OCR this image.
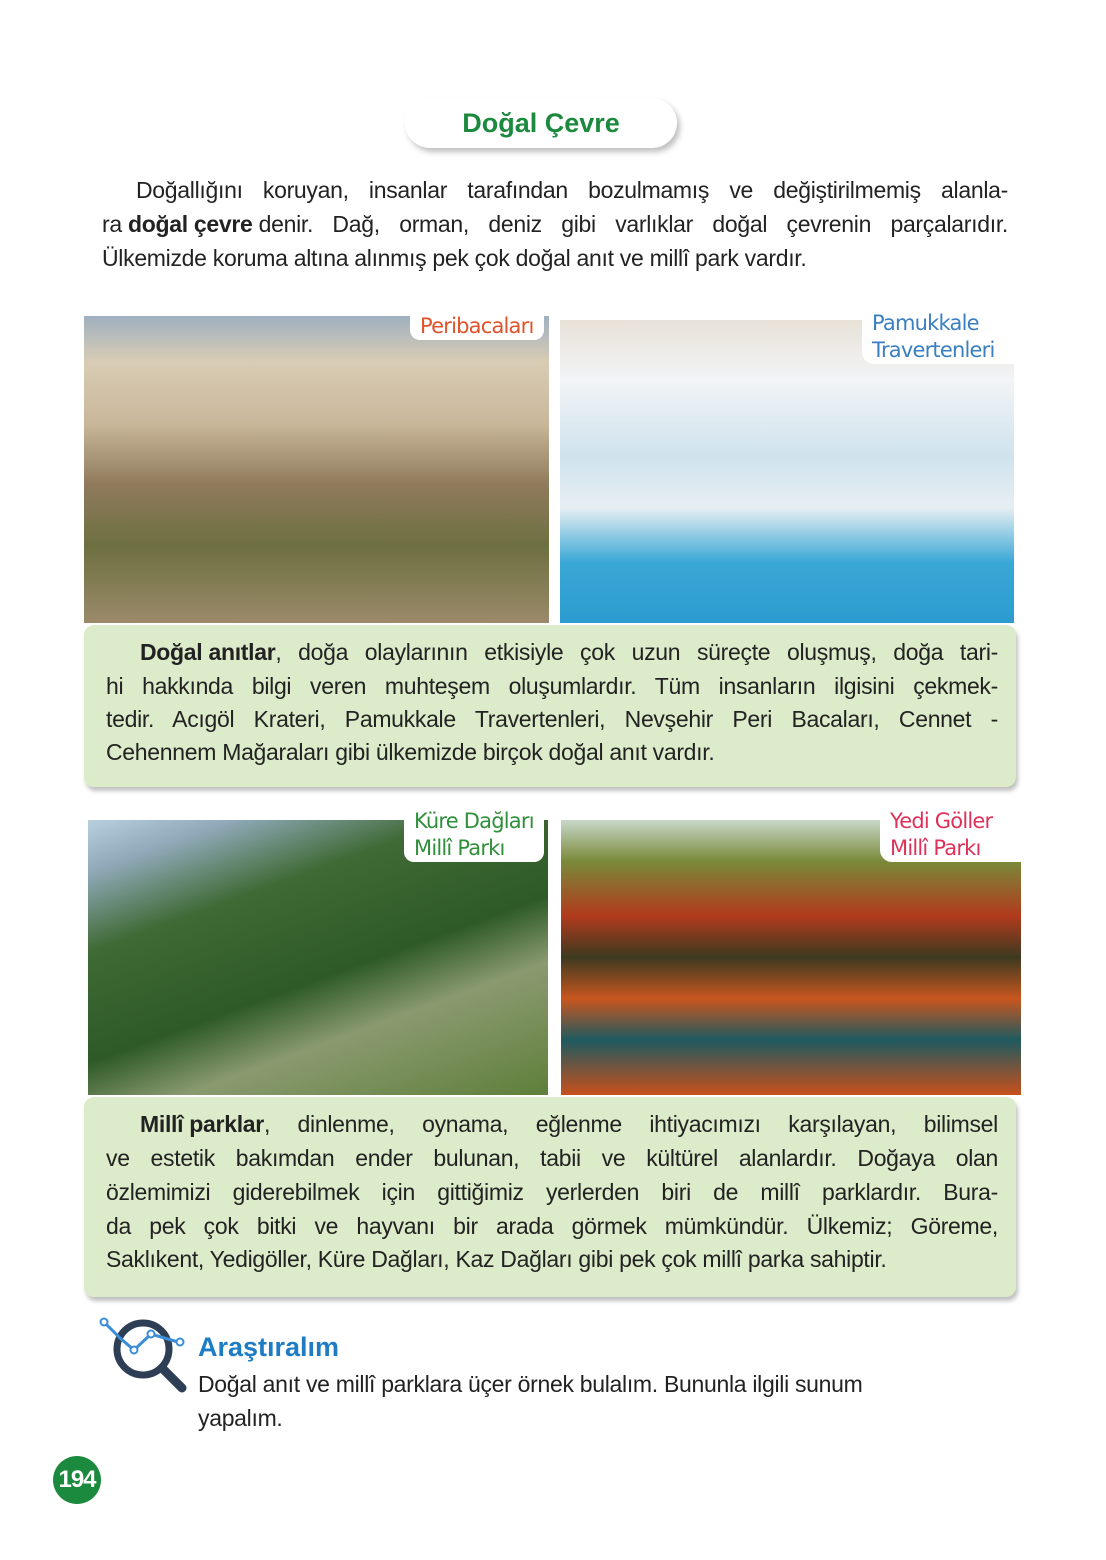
Doğal Çevre
Doğallığını koruyan, insanlar tarafından bozulmamış ve değiştirilmemiş alanla-
ra doğal çevre
denir. Dağ, orman, deniz gibi varlıklar doğal çevrenin parçalarıdır.
Ülkemizde koruma altına alınmış pek çok doğal anıt ve millî park vardır.
Peribacaları	Pamukkale
Travertenleri
Doğal anıtlar , doğa olaylarının etkisiyle çok uzun süreçte oluşmuş, doğa tari-
hi hakkında bilgi veren muhteşem oluşumlardır. Tüm insanların ilgisini çekmek-
tedir. Acıgöl Krateri, Pamukkale Travertenleri, Nevşehir Peri Bacaları, Cennet -
Cehennem Mağaraları gibi ülkemizde birçok doğal anıt vardır.
Küre Dağları
Millî Parkı
Yedi Göller
Millî Parkı
Millî parklar , dinlenme, oynama, eğlenme ihtiyacımızı karşılayan, bilimsel
ve estetik bakımdan ender bulunan, tabii ve kültürel alanlardır. Doğaya olan
özlemimizi giderebilmek için gittiğimiz yerlerden biri de millî parklardır. Bura-
da pek çok bitki ve hayvanı bir arada görmek mümkündür. Ülkemiz; Göreme,
Saklıkent, Yedigöller, Küre Dağları, Kaz Dağları gibi pek çok millî parka sahiptir.
Araştıralım
Doğal anıt ve millî parklara üçer örnek bulalım. Bununla ilgili sunum
yapalım.
194
